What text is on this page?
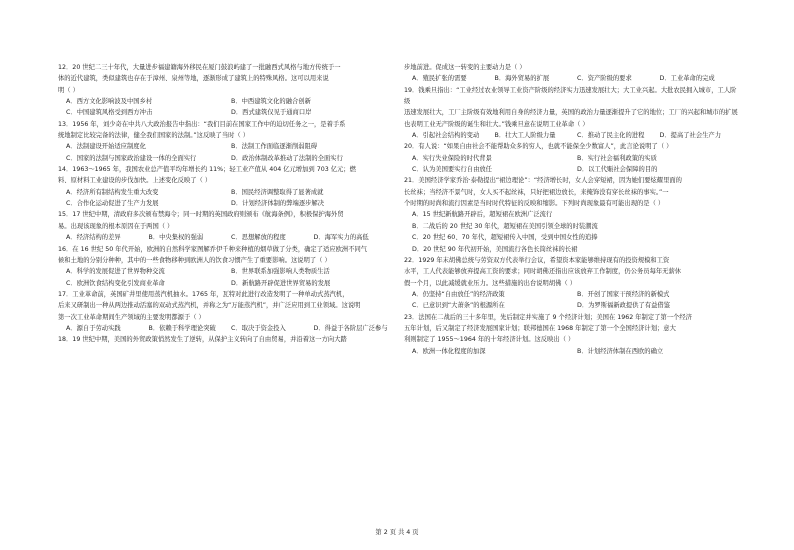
12．20 世纪二三十年代，大量进步福建籍海外移民在厦门鼓浪屿建了一批融西式风格与地方传统于一
体的近代建筑，类似建筑也存在于漳州、泉州等地，逐渐形成了建筑上的特殊风格。这可以用来说
明（ ）
A．西方文化影响波及中国乡村	B．中西建筑文化的融合创新
C．中国建筑风格受到西方冲击	D．西式建筑仅见于通商口岸
13．1956 年，刘少奇在中共八大政治报告中指出：“我们目前在国家工作中的迫切任务之一，是着手系
统地制定比较完备的法律，健全我们国家的法制。”这反映了当时（ ）
A．法制建设开始适应制度化	B．法制工作面临逐渐削弱阻碍
C．国家的法制与国家政治建设一体的全面实行	D．政治体制改革推动了法制的全面实行
14．1963～1965 年，我国农业总产值平均年增长约 11%；轻工业产值从 404 亿元增加到 703 亿元；燃
料、原材料工业建设的步伐加快。上述变化反映了（ ）
A．经济所有制结构发生重大改变	B．国民经济调整取得了显著成就
C．合作化运动促进了生产力发展	D．计划经济体制的弊端逐步解决
15．17 世纪中期，清政府多次颁布禁海令；同一时期的英国政府则颁布《航海条例》，积极保护海外贸
易。出现该现象的根本原因在于两国（ ）
A．经济结构的差异	B．中央集权的强弱	C．思想解放的程度	D．海军实力的高低
16．在 16 世纪 50 年代开始，欧洲的自然科学家图解乔伊千种来种植的烟草做了分类，确定了适应欧洲不同气
候和土地的分别分种种，其中的一些食物移种到欧洲人的饮食习惯产生了重要影响。这说明了（ ）
A．科学的发展促进了世界物种交流	B．世界联系加强影响人类物质生活
C．欧洲饮食结构变化引发商业革命	D．新航路开辟促进世界贸易的发展
17．工业革命前，英国矿井里使用蒸汽机抽水。1765 年，瓦特对此进行改造发明了一种单动式蒸汽机，
后来又研制出一种从两边推动活塞的双动式蒸汽机，并称之为“万能蒸汽机”，并广泛应用到工业领域。这说明
第一次工业革命期间生产领域的主要发明都源于（ ）
A．源自于劳动实践	B．依赖于科学理论突破	C．取决于资金投入	D．得益于各阶层广泛参与
18．19 世纪中期，美国的外贸政策悄然发生了逆转，从保护主义转向了自由贸易，并沿着这一方向大踏
步地前进。促成这一转变的主要动力是（ ）
A．殖民扩张的需要	B．海外贸易的扩展	C．资产阶级的要求	D．工业革命的完成
19．钱乘旦指出：“工业经过农业领导工业资产阶级的经济实力迅速发展壮大；大工业兴起。大批农民拥入城市，工人阶级
迅速发展壮大，工厂主阶级有效地利用自身的经济力量，英国的政治力量逐渐提升了它的地位；工厂的兴起和城市的扩展
也表明工业无产阶级的诞生和壮大。”钱乘旦意在说明工业革命（ ）
A．引起社会结构的变动	B．壮大工人阶级力量	C．推动了民主化的进程	D．提高了社会生产力
20．有人说：“如果自由社会不能帮助众多的穷人，也就不能保全少数富人”，此言论说明了（ ）
A．实行失业保险的时代背景	B．实行社会福利政策的实质
C．认为美国要实行自由放任	D．以工代赈社会保障的目的
21．美国经济学家乔治·泰勒提出“裙边理论”：“经济增长时，女人会穿短裙，因为她们要炫耀里面的
长丝袜；当经济不景气时，女人买不起丝袜，只好把裙边放长，来掩饰没有穿长丝袜的事实。”一
个时期的时尚和流行因素是当时时代特征的反映和缩影。下列时尚现象最有可能出现的是（ ）
A．15 世纪新航路开辟后，超短裙在欧洲广泛流行
B．二战后的 20 世纪 30 年代，超短裙在美国引领全球的时装潮流
C．20 世纪 60、70 年代，超短裙传入中国，受到中国女性的追捧
D．20 世纪 90 年代初开始，美国流行各色长筒丝袜的长裙
22．1929 年末胡佛总统与劳资双方代表举行会议，希望资本家能够维持现有的投资规模和工资
水平，工人代表能够放弃提高工资的要求；同时胡佛还指出应该放弃工作制度，仍公务员每年无薪休
假一个月，以此减缓就业压力。这些措施的出台说明胡佛（ ）
A．仍坚持“自由放任”的经济政策	B．开创了国家干预经济的新模式
C．已意识到“大萧条”的根源所在	D．为罗斯福新政提供了有益借鉴
23．法国在二战后的三十多年里，先后制定并实施了 9 个经济计划；美国在 1962 年制定了第一个经济
五年计划，后又制定了经济发展国家计划；联邦德国在 1968 年制定了第一个全国经济计划；意大
利则制定了 1955～1964 年的十年经济计划。这反映出（ ）
A．欧洲一体化程度的加深	B．计划经济体制在西欧的确立
第 2 页 共 4 页
